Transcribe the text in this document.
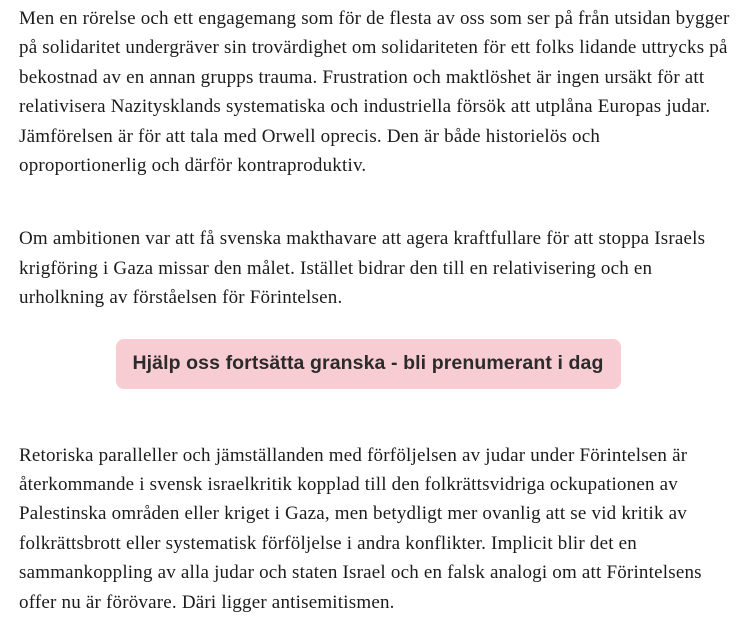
Men en rörelse och ett engagemang som för de flesta av oss som ser på från utsidan bygger
på solidaritet undergräver sin trovärdighet om solidariteten för ett folks lidande uttrycks på
bekostnad av en annan grupps trauma. Frustration och maktlöshet är ingen ursäkt för att
relativisera Nazitysklands systematiska och industriella försök att utplåna Europas judar.
Jämförelsen är för att tala med Orwell oprecis. Den är både historielös och
oproportionerlig och därför kontraproduktiv.
Om ambitionen var att få svenska makthavare att agera kraftfullare för att stoppa Israels
krigföring i Gaza missar den målet. Istället bidrar den till en relativisering och en
urholkning av förståelsen för Förintelsen.
Hjälp oss fortsätta granska - bli prenumerant i dag
Retoriska paralleller och jämställanden med förföljelsen av judar under Förintelsen är
återkommande i svensk israelkritik kopplad till den folkrättsvidriga ockupationen av
Palestinska områden eller kriget i Gaza, men betydligt mer ovanlig att se vid kritik av
folkrättsbrott eller systematisk förföljelse i andra konflikter. Implicit blir det en
sammankoppling av alla judar och staten Israel och en falsk analogi om att Förintelsens
offer nu är förövare. Däri ligger antisemitismen.
